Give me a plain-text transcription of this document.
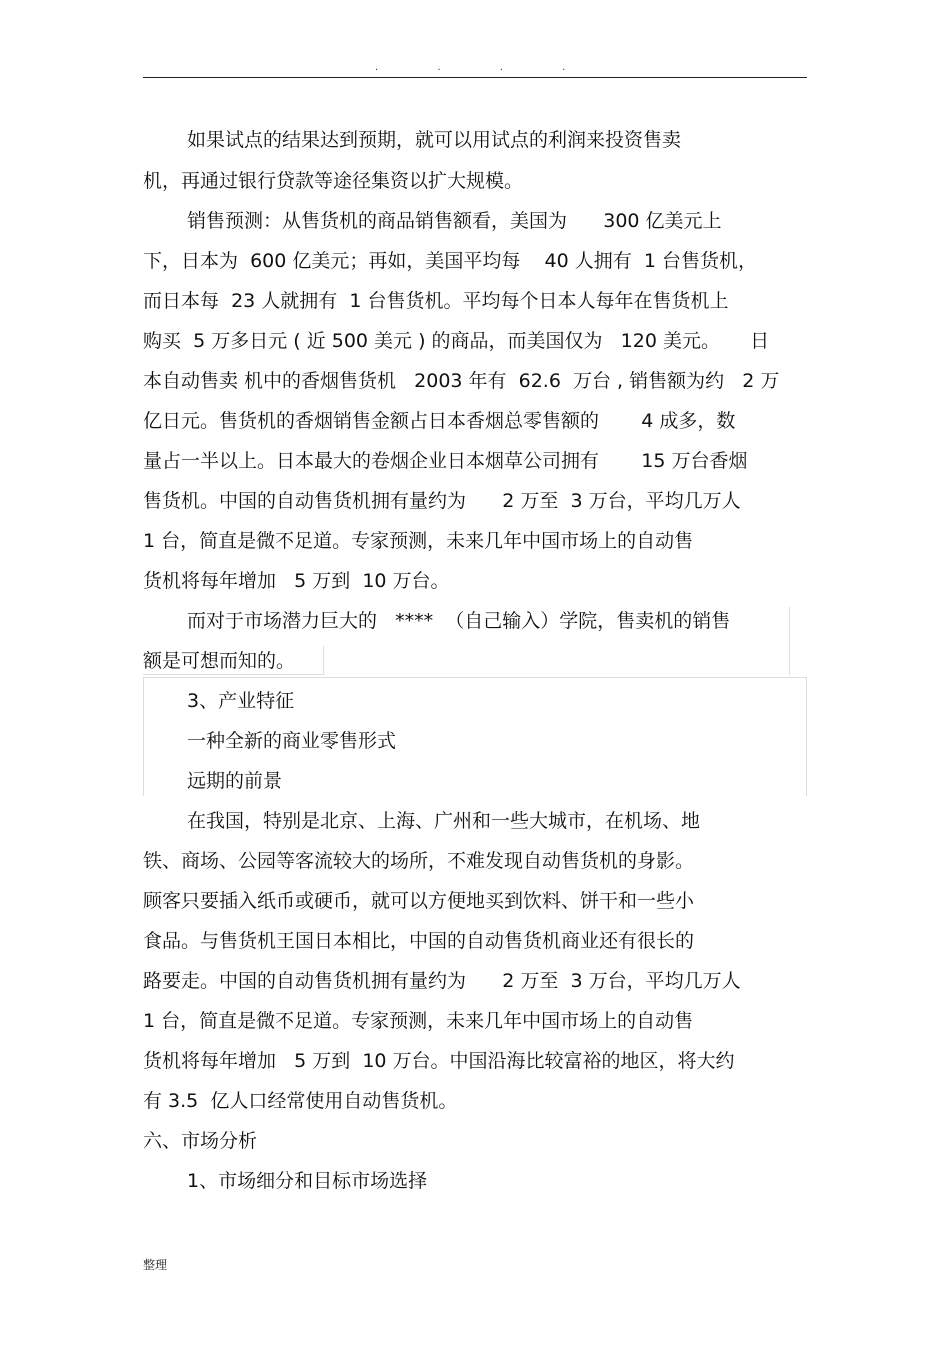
. . . .
如果试点的结果达到预期，就可以用试点的利润来投资售卖
机，再通过银行贷款等途径集资以扩大规模。
销售预测：从售货机的商品销售额看，美国为      300 亿美元上
下，日本为  600 亿美元；再如，美国平均每    40 人拥有  1 台售货机，
而日本每  23 人就拥有  1 台售货机。平均每个日本人每年在售货机上
购买  5 万多日元 ( 近 500 美元 ) 的商品，而美国仅为   120 美元。     日
本自动售卖 机中的香烟售货机   2003 年有  62.6  万台 , 销售额为约   2 万
亿日元。售货机的香烟销售金额占日本香烟总零售额的       4 成多，数
量占一半以上。日本最大的卷烟企业日本烟草公司拥有       15 万台香烟
售货机。中国的自动售货机拥有量约为      2 万至  3 万台，平均几万人
1 台，简直是微不足道。专家预测，未来几年中国市场上的自动售
货机将每年增加   5 万到  10 万台。
而对于市场潜力巨大的   ****  （自己输入）学院，售卖机的销售
额是可想而知的。
3、产业特征
一种全新的商业零售形式
远期的前景
在我国，特别是北京、上海、广州和一些大城市，在机场、地
铁、商场、公园等客流较大的场所，不难发现自动售货机的身影。
顾客只要插入纸币或硬币，就可以方便地买到饮料、饼干和一些小
食品。与售货机王国日本相比，中国的自动售货机商业还有很长的
路要走。中国的自动售货机拥有量约为      2 万至  3 万台，平均几万人
1 台，简直是微不足道。专家预测，未来几年中国市场上的自动售
货机将每年增加   5 万到  10 万台。中国沿海比较富裕的地区，将大约
有 3.5  亿人口经常使用自动售货机。
六、市场分析
1、市场细分和目标市场选择
整理
